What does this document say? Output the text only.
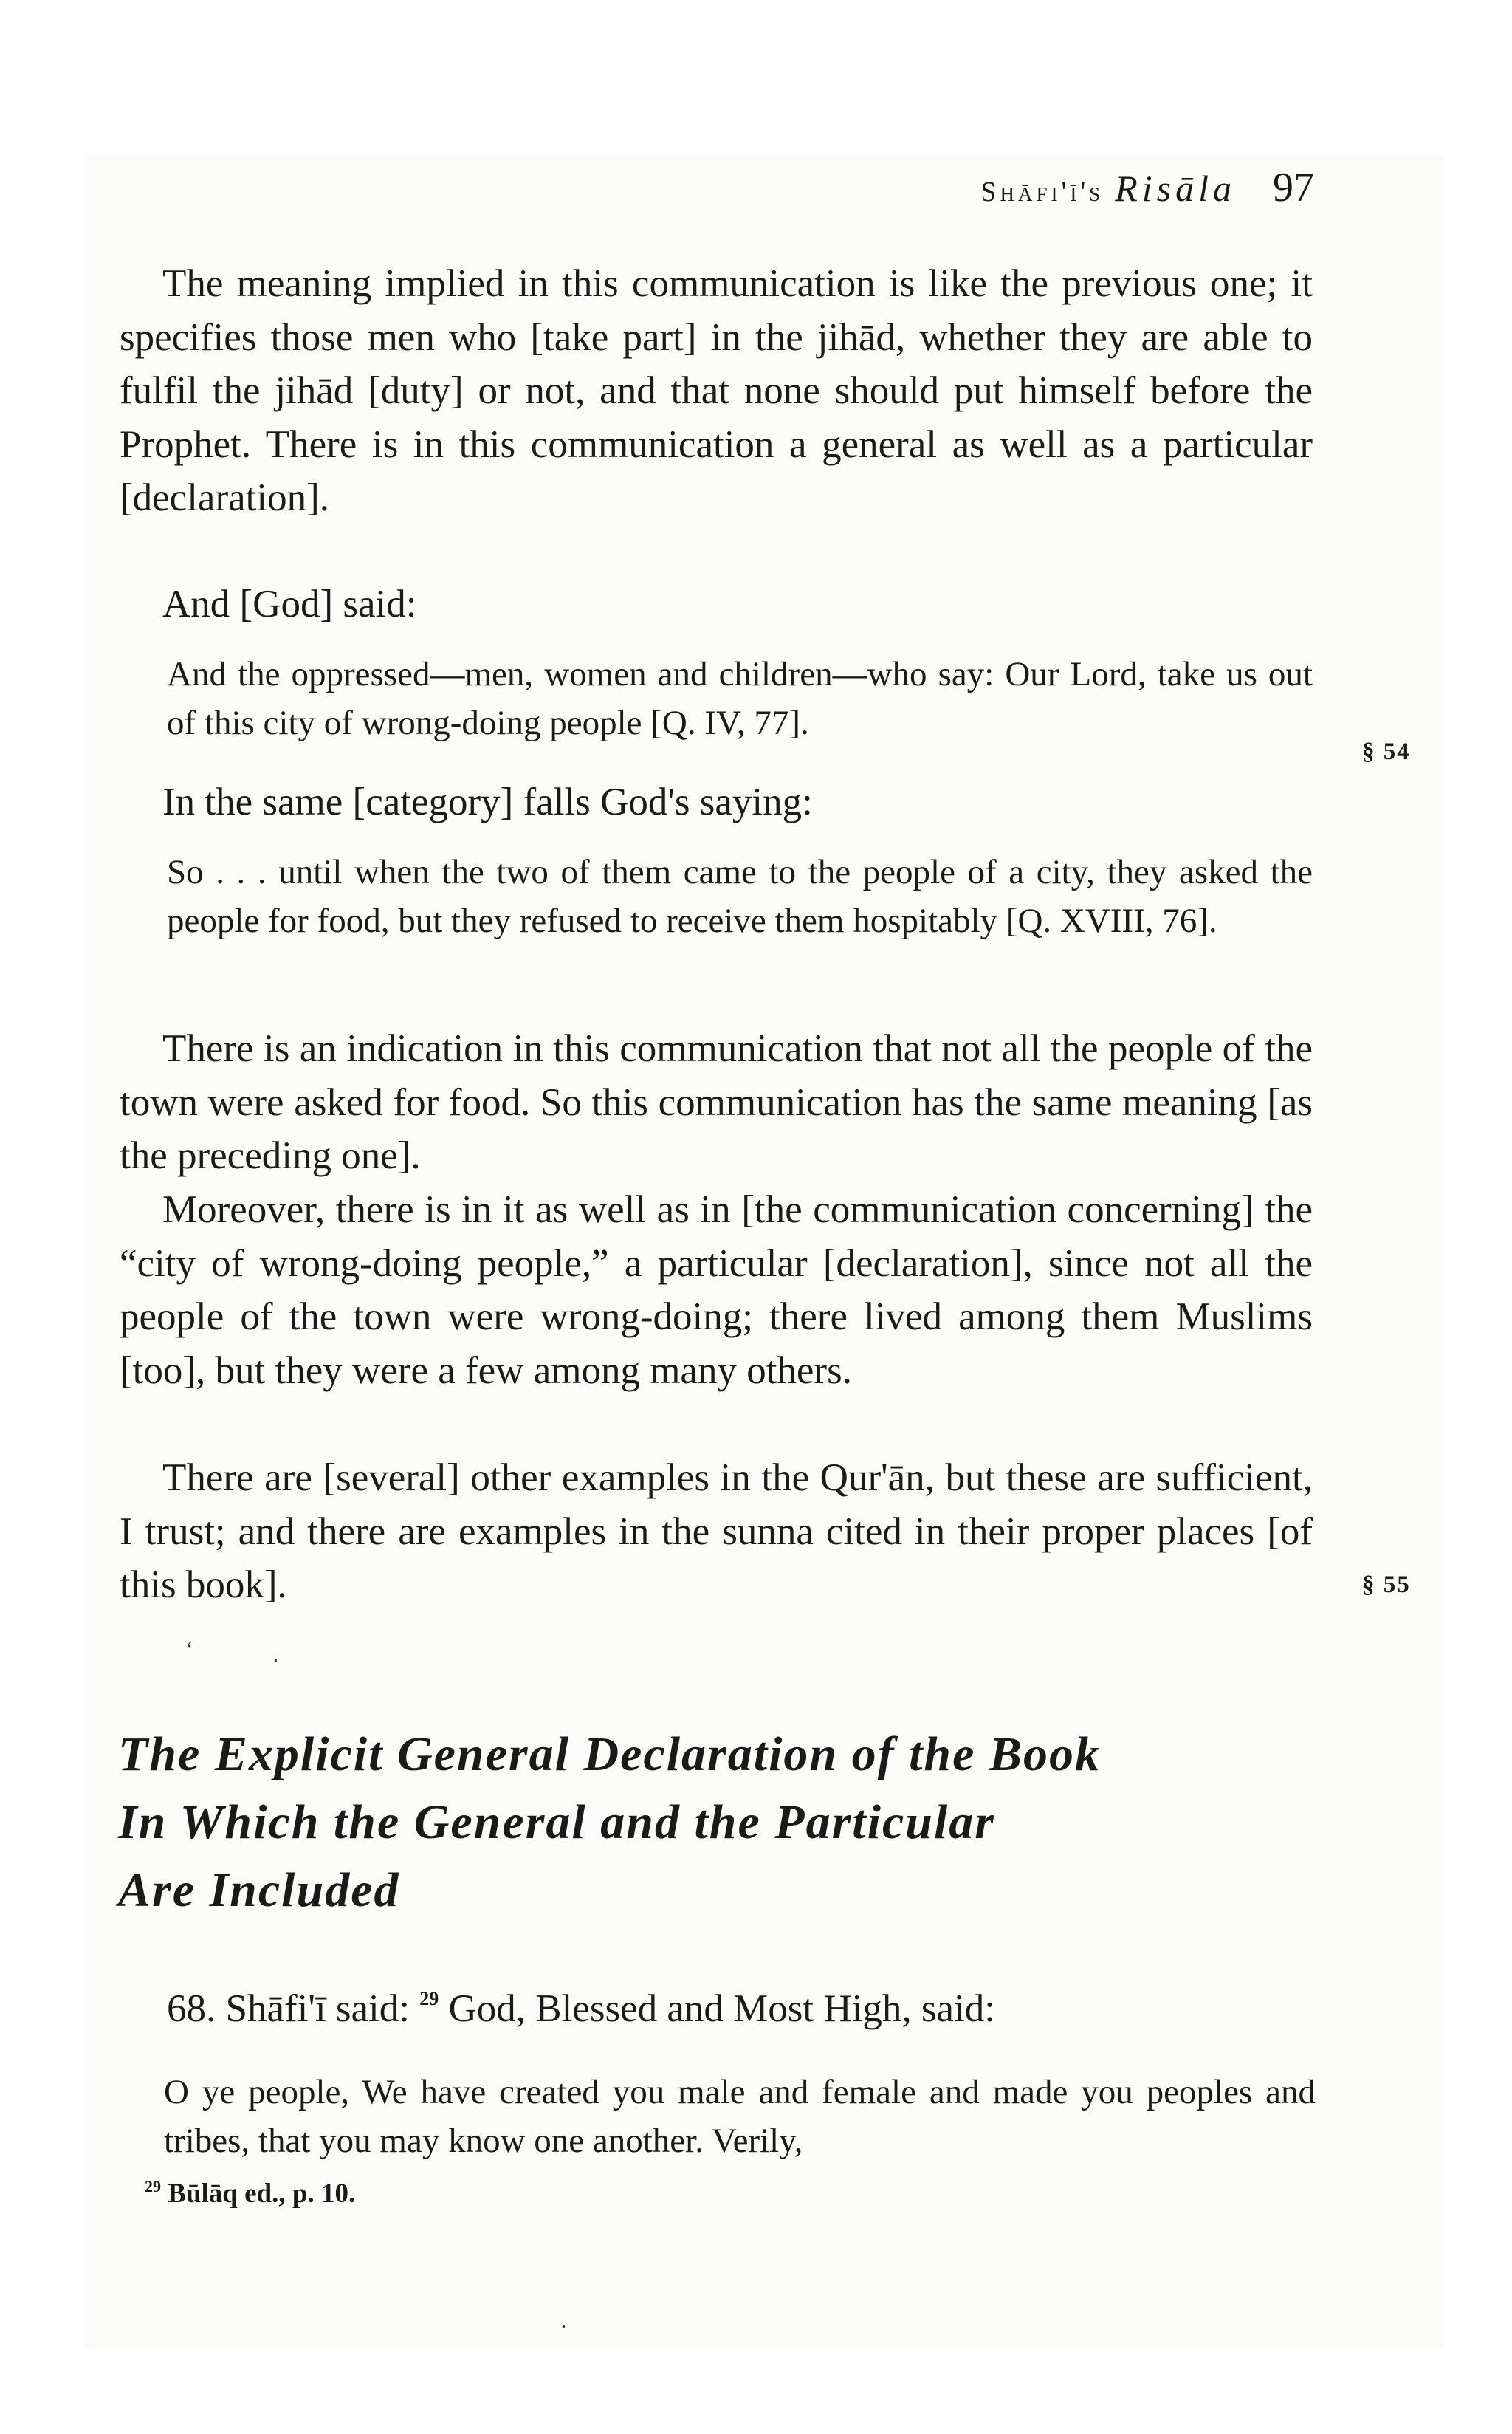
Shāfi'ī's Risāla 97

The meaning implied in this communication is like the previous one; it specifies those men who [take part] in the jihād, whether they are able to fulfil the jihād [duty] or not, and that none should put himself before the Prophet. There is in this communication a general as well as a particular [declaration].

And [God] said:

And the oppressed—men, women and children—who say: Our Lord, take us out of this city of wrong-doing people [Q. IV, 77].

§ 54

In the same [category] falls God's saying:

So . . . until when the two of them came to the people of a city, they asked the people for food, but they refused to receive them hospitably [Q. XVIII, 76].

There is an indication in this communication that not all the people of the town were asked for food. So this communication has the same meaning [as the preceding one].

Moreover, there is in it as well as in [the communication concerning] the “city of wrong-doing people,” a particular [declaration], since not all the people of the town were wrong-doing; there lived among them Muslims [too], but they were a few among many others.

There are [several] other examples in the Qur'ān, but these are sufficient, I trust; and there are examples in the sunna cited in their proper places [of this book].	§ 55
‘	.
The Explicit General Declaration of the Book
In Which the General and the Particular
Are Included

68. Shāfi'ī said: $^{29}$ God, Blessed and Most High, said:

O ye people, We have created you male and female and made you peoples and tribes, that you may know one another. Verily,

$^{29}$ Būlāq ed., p. 10.

.
